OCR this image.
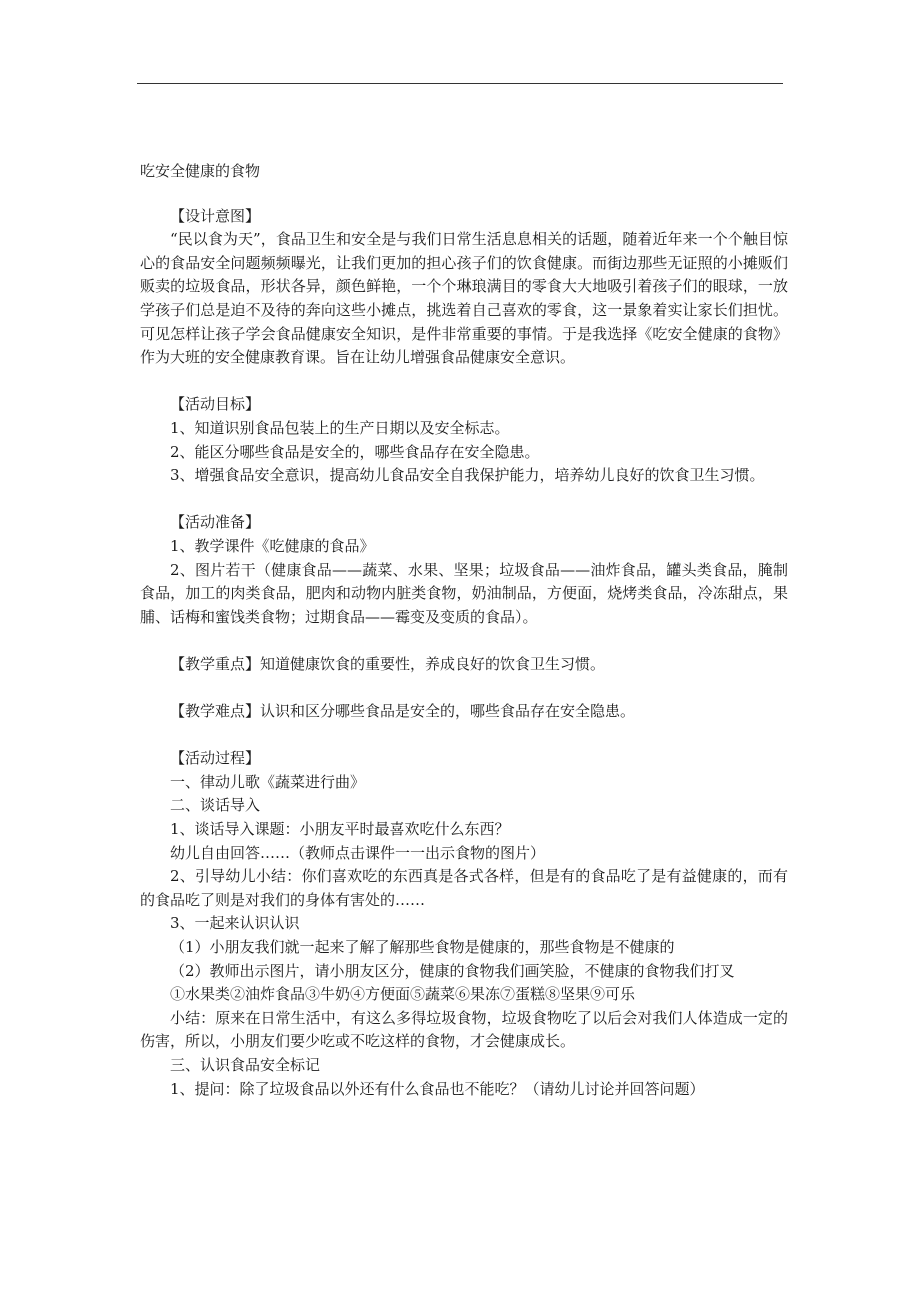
吃安全健康的食物

【设计意图】

“民以食为天”，食品卫生和安全是与我们日常生活息息相关的话题，随着近年来一个个触目惊心的食品安全问题频频曝光，让我们更加的担心孩子们的饮食健康。而街边那些无证照的小摊贩们贩卖的垃圾食品，形状各异，颜色鲜艳，一个个琳琅满目的零食大大地吸引着孩子们的眼球，一放学孩子们总是迫不及待的奔向这些小摊点，挑选着自己喜欢的零食，这一景象着实让家长们担忧。可见怎样让孩子学会食品健康安全知识，是件非常重要的事情。于是我选择《吃安全健康的食物》作为大班的安全健康教育课。旨在让幼儿增强食品健康安全意识。

【活动目标】

1、知道识别食品包装上的生产日期以及安全标志。

2、能区分哪些食品是安全的，哪些食品存在安全隐患。

3、增强食品安全意识，提高幼儿食品安全自我保护能力，培养幼儿良好的饮食卫生习惯。

【活动准备】

1、教学课件《吃健康的食品》

2、图片若干（健康食品——蔬菜、水果、坚果；垃圾食品——油炸食品，罐头类食品，腌制食品，加工的肉类食品，肥肉和动物内脏类食物，奶油制品，方便面，烧烤类食品，冷冻甜点，果脯、话梅和蜜饯类食物；过期食品——霉变及变质的食品）。

【教学重点】知道健康饮食的重要性，养成良好的饮食卫生习惯。

【教学难点】认识和区分哪些食品是安全的，哪些食品存在安全隐患。

【活动过程】

一、律动儿歌《蔬菜进行曲》

二、谈话导入

1、谈话导入课题：小朋友平时最喜欢吃什么东西？

幼儿自由回答……（教师点击课件一一出示食物的图片）

2、引导幼儿小结：你们喜欢吃的东西真是各式各样，但是有的食品吃了是有益健康的，而有的食品吃了则是对我们的身体有害处的……

3、一起来认识认识

（1）小朋友我们就一起来了解了解那些食物是健康的，那些食物是不健康的

（2）教师出示图片，请小朋友区分，健康的食物我们画笑脸，不健康的食物我们打叉

①水果类②油炸食品③牛奶④方便面⑤蔬菜⑥果冻⑦蛋糕⑧坚果⑨可乐

小结：原来在日常生活中，有这么多得垃圾食物，垃圾食物吃了以后会对我们人体造成一定的伤害，所以，小朋友们要少吃或不吃这样的食物，才会健康成长。

三、认识食品安全标记

1、提问：除了垃圾食品以外还有什么食品也不能吃？（请幼儿讨论并回答问题）
